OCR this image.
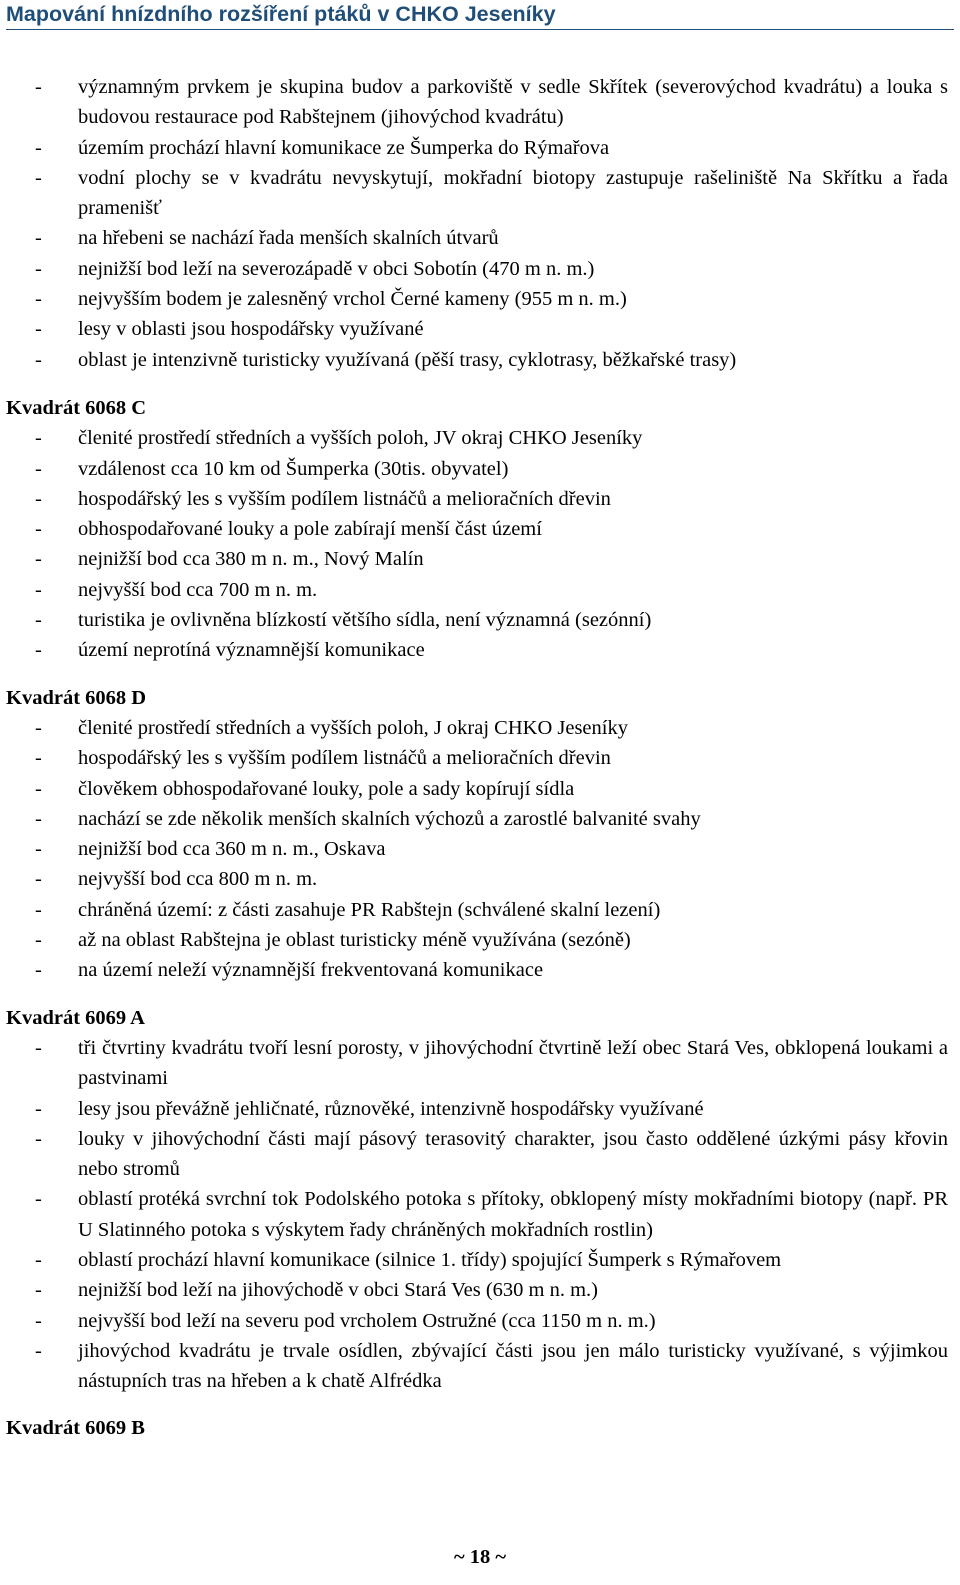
Mapování hnízdního rozšíření ptáků v CHKO Jeseníky
- významným prvkem je skupina budov a parkoviště v sedle Skřítek (severovýchod kvadrátu) a louka s budovou restaurace pod Rabštejnem (jihovýchod kvadrátu)
- územím prochází hlavní komunikace ze Šumperka do Rýmařova
- vodní plochy se v kvadrátu nevyskytují, mokřadní biotopy zastupuje rašeliniště Na Skřítku a řada pramenišť
- na hřebeni se nachází řada menších skalních útvarů
- nejnižší bod leží na severozápadě v obci Sobotín (470 m n. m.)
- nejvyšším bodem je zalesněný vrchol Černé kameny (955 m n. m.)
- lesy v oblasti jsou hospodářsky využívané
- oblast je intenzivně turisticky využívaná (pěší trasy, cyklotrasy, běžkařské trasy)

Kvadrát 6068 C

- členité prostředí středních a vyšších poloh, JV okraj CHKO Jeseníky
- vzdálenost cca 10 km od Šumperka (30tis. obyvatel)
- hospodářský les s vyšším podílem listnáčů a melioračních dřevin
- obhospodařované louky a pole zabírají menší část území
- nejnižší bod cca 380 m n. m., Nový Malín
- nejvyšší bod cca 700 m n. m.
- turistika je ovlivněna blízkostí většího sídla, není významná (sezónní)
- území neprotíná významnější komunikace

Kvadrát 6068 D

- členité prostředí středních a vyšších poloh, J okraj CHKO Jeseníky
- hospodářský les s vyšším podílem listnáčů a melioračních dřevin
- člověkem obhospodařované louky, pole a sady kopírují sídla
- nachází se zde několik menších skalních výchozů a zarostlé balvanité svahy
- nejnižší bod cca 360 m n. m., Oskava
- nejvyšší bod cca 800 m n. m.
- chráněná území: z části zasahuje PR Rabštejn (schválené skalní lezení)
- až na oblast Rabštejna je oblast turisticky méně využívána (sezóně)
- na území neleží významnější frekventovaná komunikace

Kvadrát 6069 A

- tři čtvrtiny kvadrátu tvoří lesní porosty, v jihovýchodní čtvrtině leží obec Stará Ves, obklopená loukami a pastvinami
- lesy jsou převážně jehličnaté, různověké, intenzivně hospodářsky využívané
- louky v jihovýchodní části mají pásový terasovitý charakter, jsou často oddělené úzkými pásy křovin nebo stromů
- oblastí protéká svrchní tok Podolského potoka s přítoky, obklopený místy mokřadními biotopy (např. PR U Slatinného potoka s výskytem řady chráněných mokřadních rostlin)
- oblastí prochází hlavní komunikace (silnice 1. třídy) spojující Šumperk s Rýmařovem
- nejnižší bod leží na jihovýchodě v obci Stará Ves (630 m n. m.)
- nejvyšší bod leží na severu pod vrcholem Ostružné (cca 1150 m n. m.)
- jihovýchod kvadrátu je trvale osídlen, zbývající části jsou jen málo turisticky využívané, s výjimkou nástupních tras na hřeben a k chatě Alfrédka

Kvadrát 6069 B

~ 18 ~
